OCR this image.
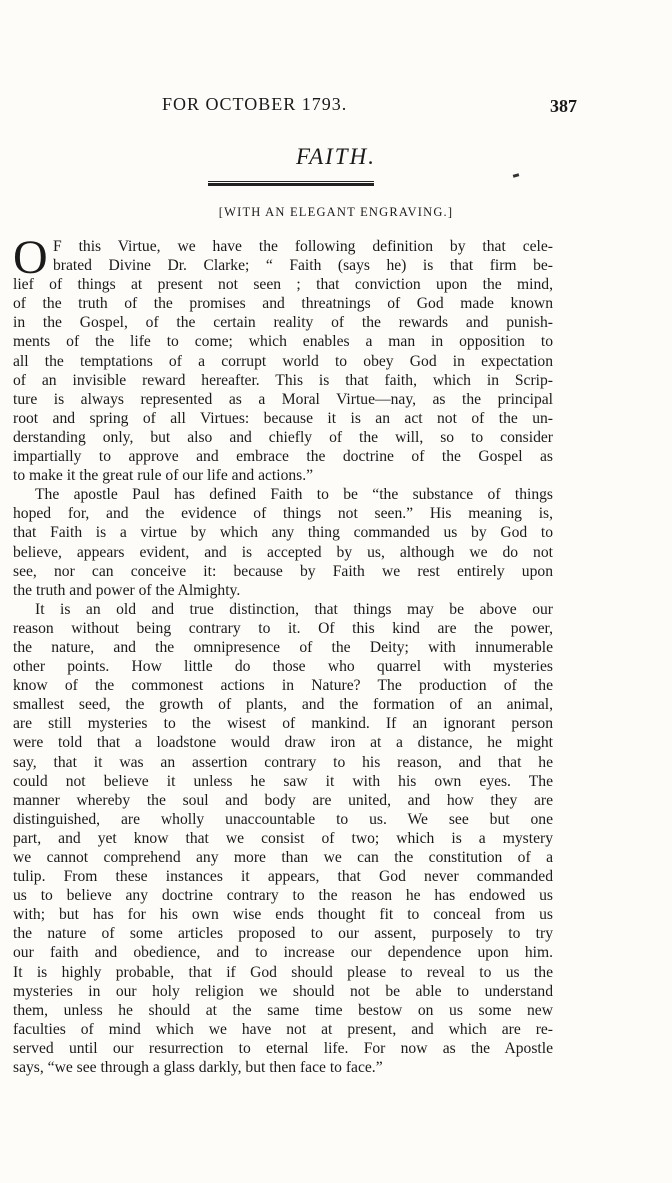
FOR OCTOBER 1793.	387
FAITH.
[WITH AN ELEGANT ENGRAVING.]
O F this Virtue, we have the following definition by that cele-
brated Divine Dr. Clarke; “ Faith (says he) is that firm be-
lief of things at present not seen ; that conviction upon the mind,
of the truth of the promises and threatnings of God made known
in the Gospel, of the certain reality of the rewards and punish-
ments of the life to come; which enables a man in opposition to
all the temptations of a corrupt world to obey God in expectation
of an invisible reward hereafter. This is that faith, which in Scrip-
ture is always represented as a Moral Virtue—nay, as the principal
root and spring of all Virtues: because it is an act not of the un-
derstanding only, but also and chiefly of the will, so to consider
impartially to approve and embrace the doctrine of the Gospel as
to make it the great rule of our life and actions.”
The apostle Paul has defined Faith to be “the substance of things
hoped for, and the evidence of things not seen.” His meaning is,
that Faith is a virtue by which any thing commanded us by God to
believe, appears evident, and is accepted by us, although we do not
see, nor can conceive it: because by Faith we rest entirely upon
the truth and power of the Almighty.
It is an old and true distinction, that things may be above our
reason without being contrary to it. Of this kind are the power,
the nature, and the omnipresence of the Deity; with innumerable
other points. How little do those who quarrel with mysteries
know of the commonest actions in Nature? The production of the
smallest seed, the growth of plants, and the formation of an animal,
are still mysteries to the wisest of mankind. If an ignorant person
were told that a loadstone would draw iron at a distance, he might
say, that it was an assertion contrary to his reason, and that he
could not believe it unless he saw it with his own eyes. The
manner whereby the soul and body are united, and how they are
distinguished, are wholly unaccountable to us. We see but one
part, and yet know that we consist of two; which is a mystery
we cannot comprehend any more than we can the constitution of a
tulip. From these instances it appears, that God never commanded
us to believe any doctrine contrary to the reason he has endowed us
with; but has for his own wise ends thought fit to conceal from us
the nature of some articles proposed to our assent, purposely to try
our faith and obedience, and to increase our dependence upon him.
It is highly probable, that if God should please to reveal to us the
mysteries in our holy religion we should not be able to understand
them, unless he should at the same time bestow on us some new
faculties of mind which we have not at present, and which are re-
served until our resurrection to eternal life. For now as the Apostle
says, “we see through a glass darkly, but then face to face.”
